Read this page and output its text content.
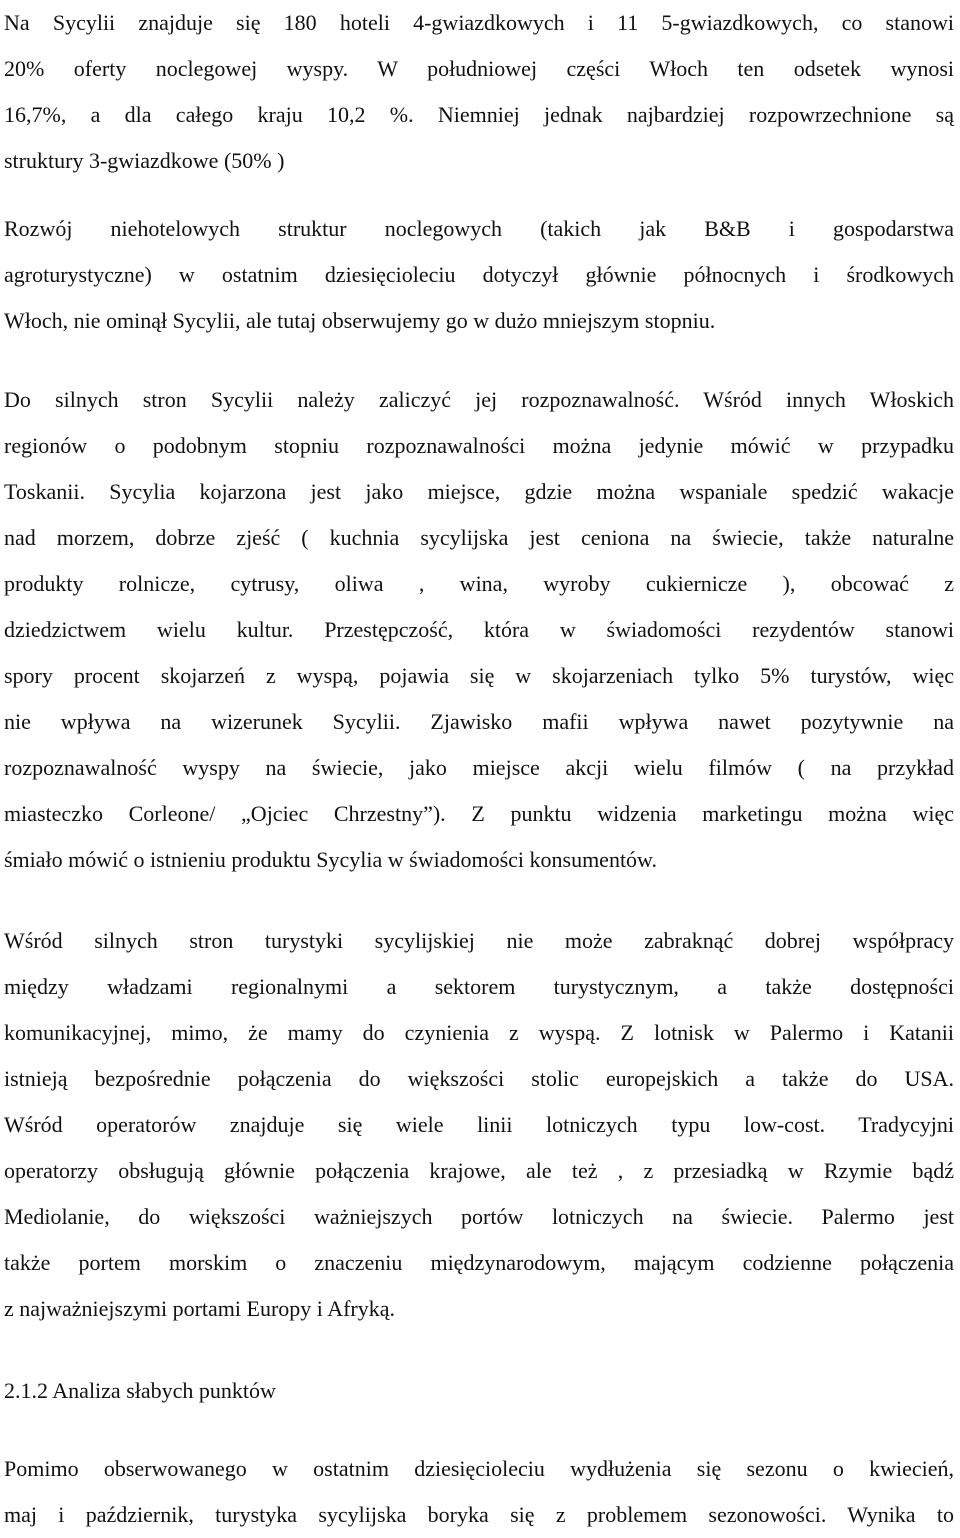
Na Sycylii znajduje się 180 hoteli 4-gwiazdkowych i 11 5-gwiazdkowych, co stanowi
20% oferty noclegowej wyspy. W południowej części Włoch ten odsetek wynosi
16,7%, a dla całego kraju 10,2 %. Niemniej jednak najbardziej rozpowrzechnione są
struktury 3-gwiazdkowe (50% )
Rozwój niehotelowych struktur noclegowych (takich jak B&B i gospodarstwa
agroturystyczne) w ostatnim dziesięcioleciu dotyczył głównie północnych i środkowych
Włoch, nie ominął Sycylii, ale tutaj obserwujemy go w dużo mniejszym stopniu.
Do silnych stron Sycylii należy zaliczyć jej rozpoznawalność. Wśród innych Włoskich
regionów o podobnym stopniu rozpoznawalności można jedynie mówić w przypadku
Toskanii. Sycylia kojarzona jest jako miejsce, gdzie można wspaniale spedzić wakacje
nad morzem, dobrze zjeść ( kuchnia sycylijska jest ceniona na świecie, także naturalne
produkty rolnicze, cytrusy, oliwa , wina, wyroby cukiernicze ), obcować z
dziedzictwem wielu kultur. Przestępczość, która w świadomości rezydentów stanowi
spory procent skojarzeń z wyspą, pojawia się w skojarzeniach tylko 5% turystów, więc
nie wpływa na wizerunek Sycylii. Zjawisko mafii wpływa nawet pozytywnie na
rozpoznawalność wyspy na świecie, jako miejsce akcji wielu filmów ( na przykład
miasteczko Corleone/ „Ojciec Chrzestny”). Z punktu widzenia marketingu można więc
śmiało mówić o istnieniu produktu Sycylia w świadomości konsumentów.
Wśród silnych stron turystyki sycylijskiej nie może zabraknąć dobrej współpracy
między władzami regionalnymi a sektorem turystycznym, a także dostępności
komunikacyjnej, mimo, że mamy do czynienia z wyspą. Z lotnisk w Palermo i Katanii
istnieją bezpośrednie połączenia do większości stolic europejskich a także do USA.
Wśród operatorów znajduje się wiele linii lotniczych typu low-cost. Tradycyjni
operatorzy obsługują głównie połączenia krajowe, ale też , z przesiadką w Rzymie bądź
Mediolanie, do większości ważniejszych portów lotniczych na świecie. Palermo jest
także portem morskim o znaczeniu międzynarodowym, mającym codzienne połączenia
z najważniejszymi portami Europy i Afryką.
2.1.2 Analiza słabych punktów
Pomimo obserwowanego w ostatnim dziesięcioleciu wydłużenia się sezonu o kwiecień,
maj i październik, turystyka sycylijska boryka się z problemem sezonowości. Wynika to
